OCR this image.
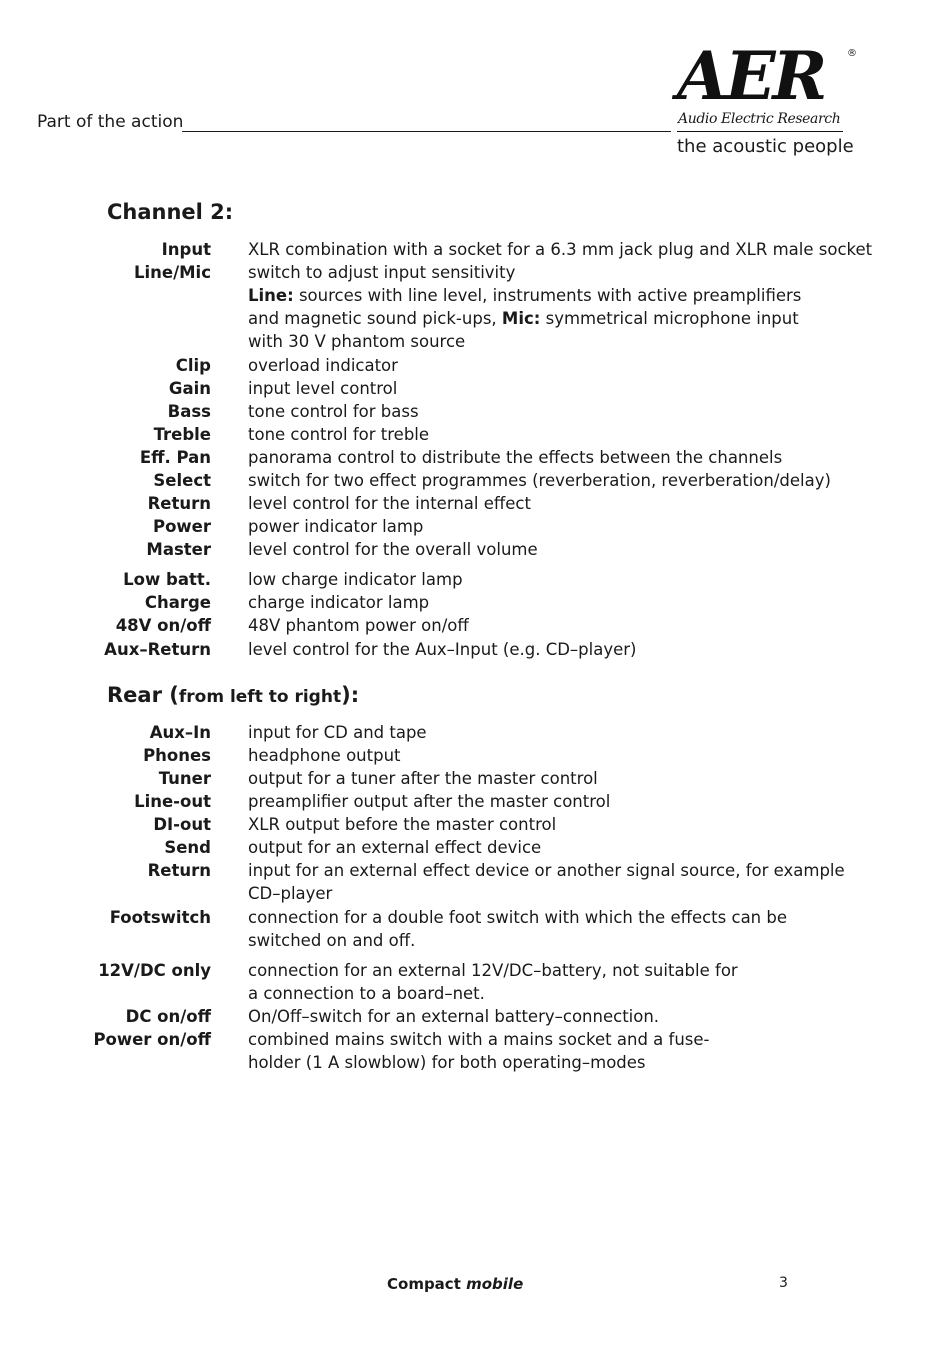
Part of the action
AER ®
Audio Electric Research
the acoustic people
Channel 2:
Input XLR combination with a socket for a 6.3 mm jack plug and XLR male socket
Line/Mic switch to adjust input sensitivity
Line: sources with line level, instruments with active preamplifiers
and magnetic sound pick-ups, Mic: symmetrical microphone input
with 30 V phantom source
Clip overload indicator
Gain input level control
Bass tone control for bass
Treble tone control for treble
Eff. Pan panorama control to distribute the effects between the channels
Select switch for two effect programmes (reverberation, reverberation/delay)
Return level control for the internal effect
Power power indicator lamp
Master level control for the overall volume
Low batt. low charge indicator lamp
Charge charge indicator lamp
48V on/off 48V phantom power on/off
Aux–Return level control for the Aux–Input (e.g. CD–player)
Rear (from left to right):
Aux–In input for CD and tape
Phones headphone output
Tuner output for a tuner after the master control
Line-out preamplifier output after the master control
DI-out XLR output before the master control
Send output for an external effect device
Return input for an external effect device or another signal source, for example
CD–player
Footswitch connection for a double foot switch with which the effects can be
switched on and off.
12V/DC only connection for an external 12V/DC–battery, not suitable for
a connection to a board–net.
DC on/off On/Off–switch for an external battery–connection.
Power on/off combined mains switch with a mains socket and a fuse-
holder (1 A slowblow) for both operating–modes
Compact mobile	3
